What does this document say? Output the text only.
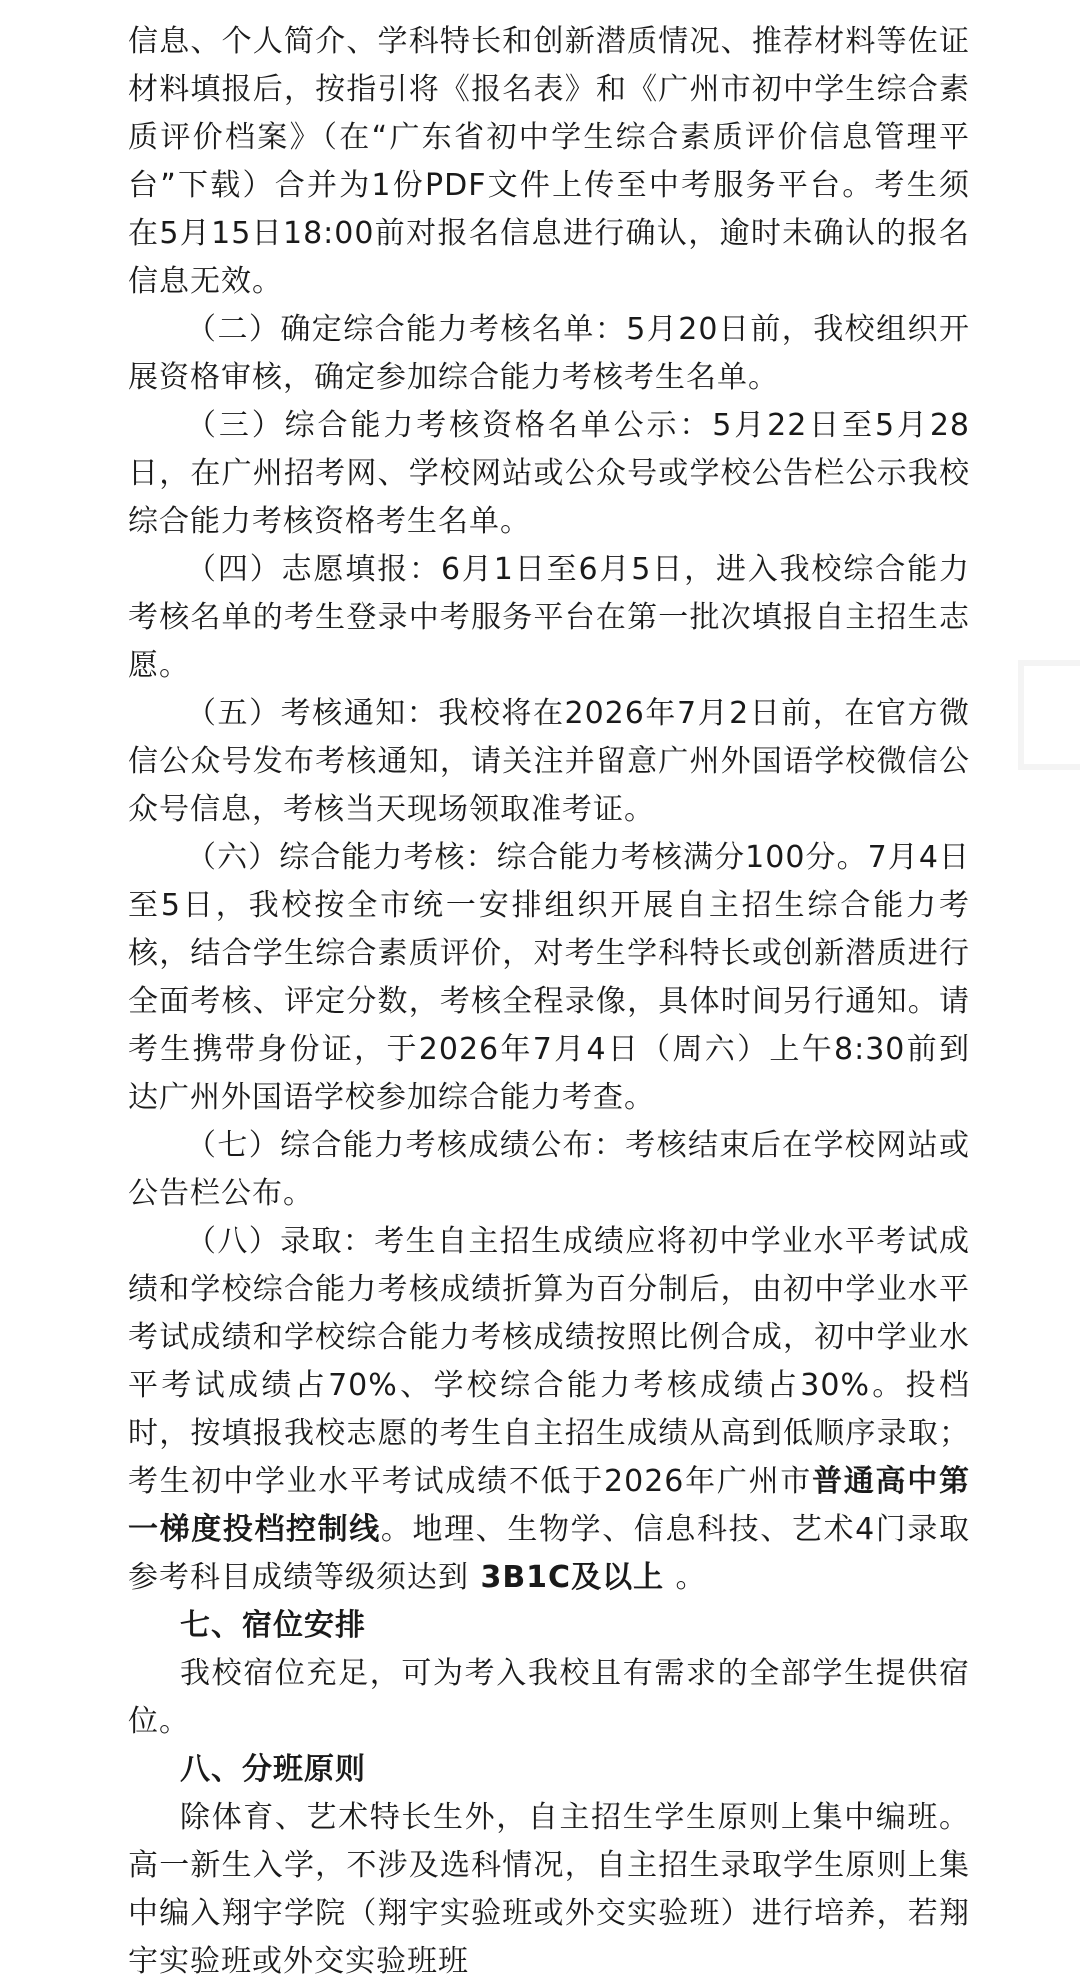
信息、个人简介、学科特长和创新潜质情况、推荐材料等佐证材料填报后，按指引将《报名表》和《广州市初中学生综合素质评价档案》（在“广东省初中学生综合素质评价信息管理平台”下载）合并为1份PDF文件上传至中考服务平台。考生须在5月15日18:00前对报名信息进行确认，逾时未确认的报名信息无效。

（二）确定综合能力考核名单：5月20日前，我校组织开展资格审核，确定参加综合能力考核考生名单。

（三）综合能力考核资格名单公示：5月22日至5月28日，在广州招考网、学校网站或公众号或学校公告栏公示我校综合能力考核资格考生名单。

（四）志愿填报：6月1日至6月5日，进入我校综合能力考核名单的考生登录中考服务平台在第一批次填报自主招生志愿。

（五）考核通知：我校将在2026年7月2日前，在官方微信公众号发布考核通知，请关注并留意广州外国语学校微信公众号信息，考核当天现场领取准考证。

（六）综合能力考核：综合能力考核满分100分。7月4日至5日，我校按全市统一安排组织开展自主招生综合能力考核，结合学生综合素质评价，对考生学科特长或创新潜质进行全面考核、评定分数，考核全程录像，具体时间另行通知。请考生携带身份证，于2026年7月4日（周六）上午8:30前到达广州外国语学校参加综合能力考查。

（七）综合能力考核成绩公布：考核结束后在学校网站或公告栏公布。

（八）录取：考生自主招生成绩应将初中学业水平考试成绩和学校综合能力考核成绩折算为百分制后，由初中学业水平考试成绩和学校综合能力考核成绩按照比例合成，初中学业水平考试成绩占70%、学校综合能力考核成绩占30%。投档时，按填报我校志愿的考生自主招生成绩从高到低顺序录取；考生初中学业水平考试成绩不低于2026年广州市普通高中第一梯度投档控制线。地理、生物学、信息科技、艺术4门录取参考科目成绩等级须达到 3B1C及以上 。

七、宿位安排

我校宿位充足，可为考入我校且有需求的全部学生提供宿位。

八、分班原则

除体育、艺术特长生外，自主招生学生原则上集中编班。高一新生入学，不涉及选科情况，自主招生录取学生原则上集中编入翔宇学院（翔宇实验班或外交实验班）进行培养，若翔宇实验班或外交实验班班
